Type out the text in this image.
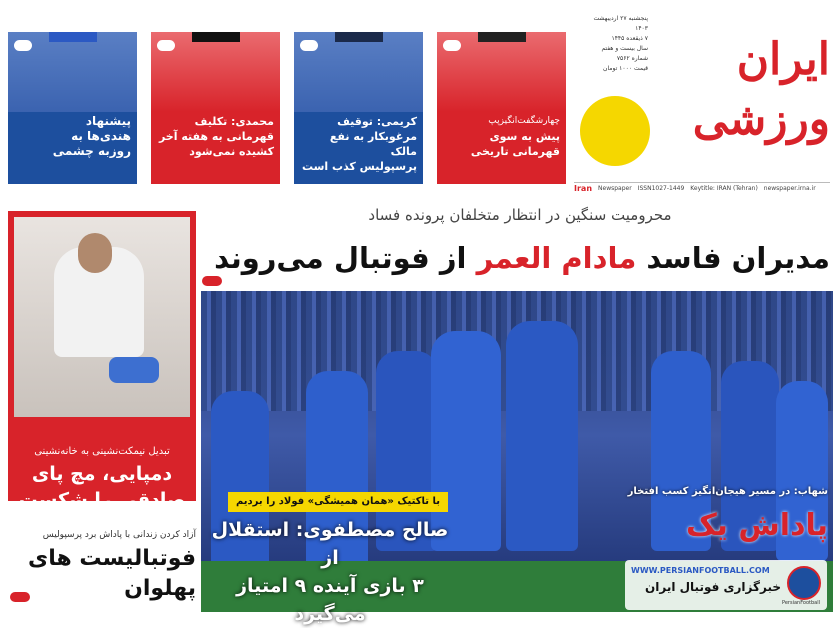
پنجشنبه ۲۷ اردیبهشت ۱۴۰۳
۷ ذیقعده ۱۴۴۵
سال بیست و هفتم
شماره ۷۵۶۲
قیمت ۱۰۰۰ تومان	ایران ورزشی
Iran Newspaper ISSN1027-1449 Keytitle: IRAN (Tehran) newspaper.irna.ir
چهارشگفت‌انگیزپپ
پیش به سوی
قهرمانی تاریخی
کریمی: توقیف
مرغوبکار به نفع مالک
پرسپولیس کذب است
محمدی: تکلیف
قهرمانی به هفته آخر
کشیده نمی‌شود
پیشنهاد
هندی‌ها به
روزبه چشمی
محرومیت سنگین در انتظار متخلفان پرونده فساد
مدیران فاسد مادام العمر از فوتبال می‌روند
با تاکتیک «همان همیشگی» فولاد را بردیم
صالح مصطفوی: استقلال از
۳ بازی آینده ۹ امتیاز می‌گیرد
شهاب: در مسیر هیجان‌انگیز کسب افتخار
پاداش یک
WWW.PERSIANFOOTBALL.COM
خبرگزاری فوتبال ایران
PersianFootball
تبدیل نیمکت‌نشینی به خانه‌نشینی
دمپایی، مچ پای
صادقی را شکست
آزاد کردن زندانی با پاداش برد پرسپولیس
فوتبالیست های
پهلوان
